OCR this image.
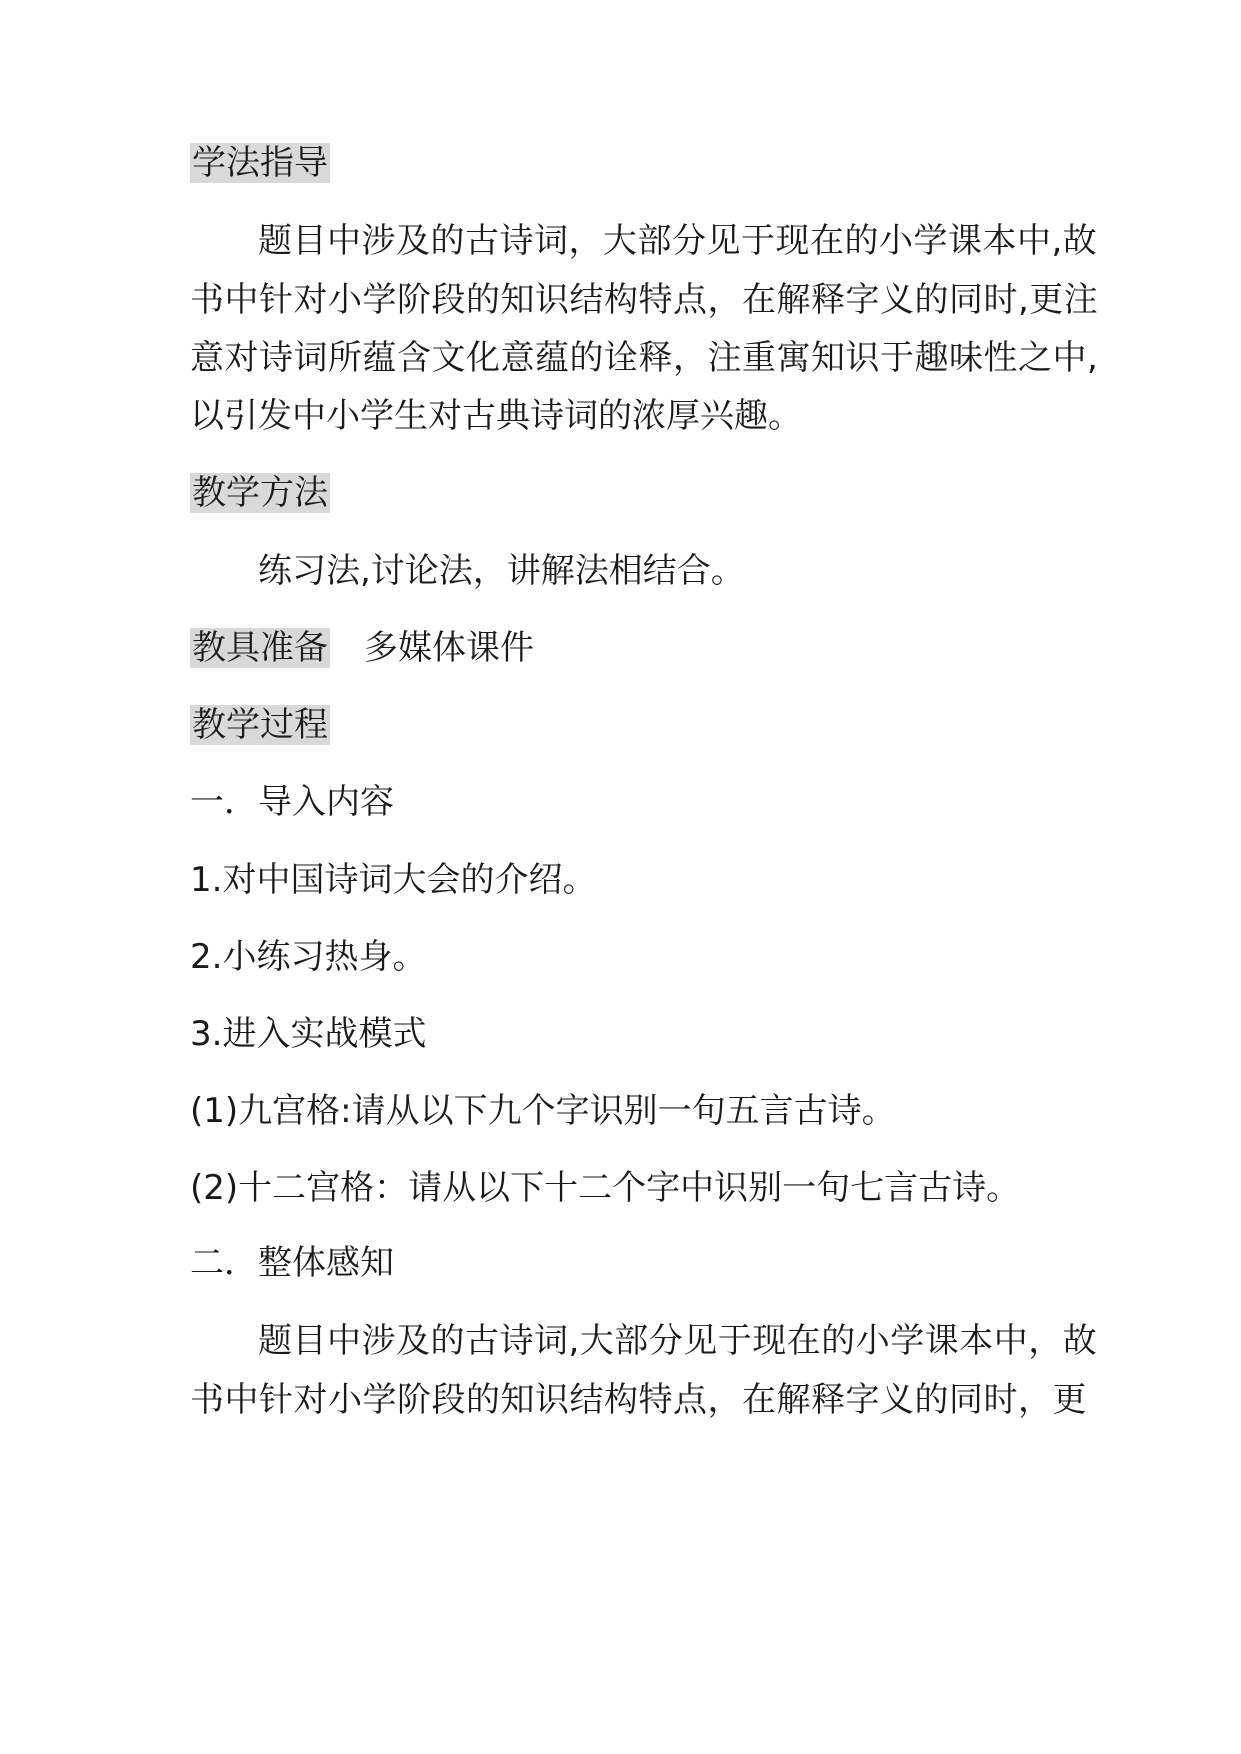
学法指导
题目中涉及的古诗词，大部分见于现在的小学课本中,故
书中针对小学阶段的知识结构特点，在解释字义的同时,更注
意对诗词所蕴含文化意蕴的诠释，注重寓知识于趣味性之中,
以引发中小学生对古典诗词的浓厚兴趣。
教学方法
练习法,讨论法，讲解法相结合。
教具准备 多媒体课件
教学过程
一．导入内容
1.对中国诗词大会的介绍。
2.小练习热身。
3.进入实战模式
(1)九宫格:请从以下九个字识别一句五言古诗。
(2)十二宫格：请从以下十二个字中识别一句七言古诗。
二．整体感知
题目中涉及的古诗词,大部分见于现在的小学课本中，故
书中针对小学阶段的知识结构特点，在解释字义的同时，更
